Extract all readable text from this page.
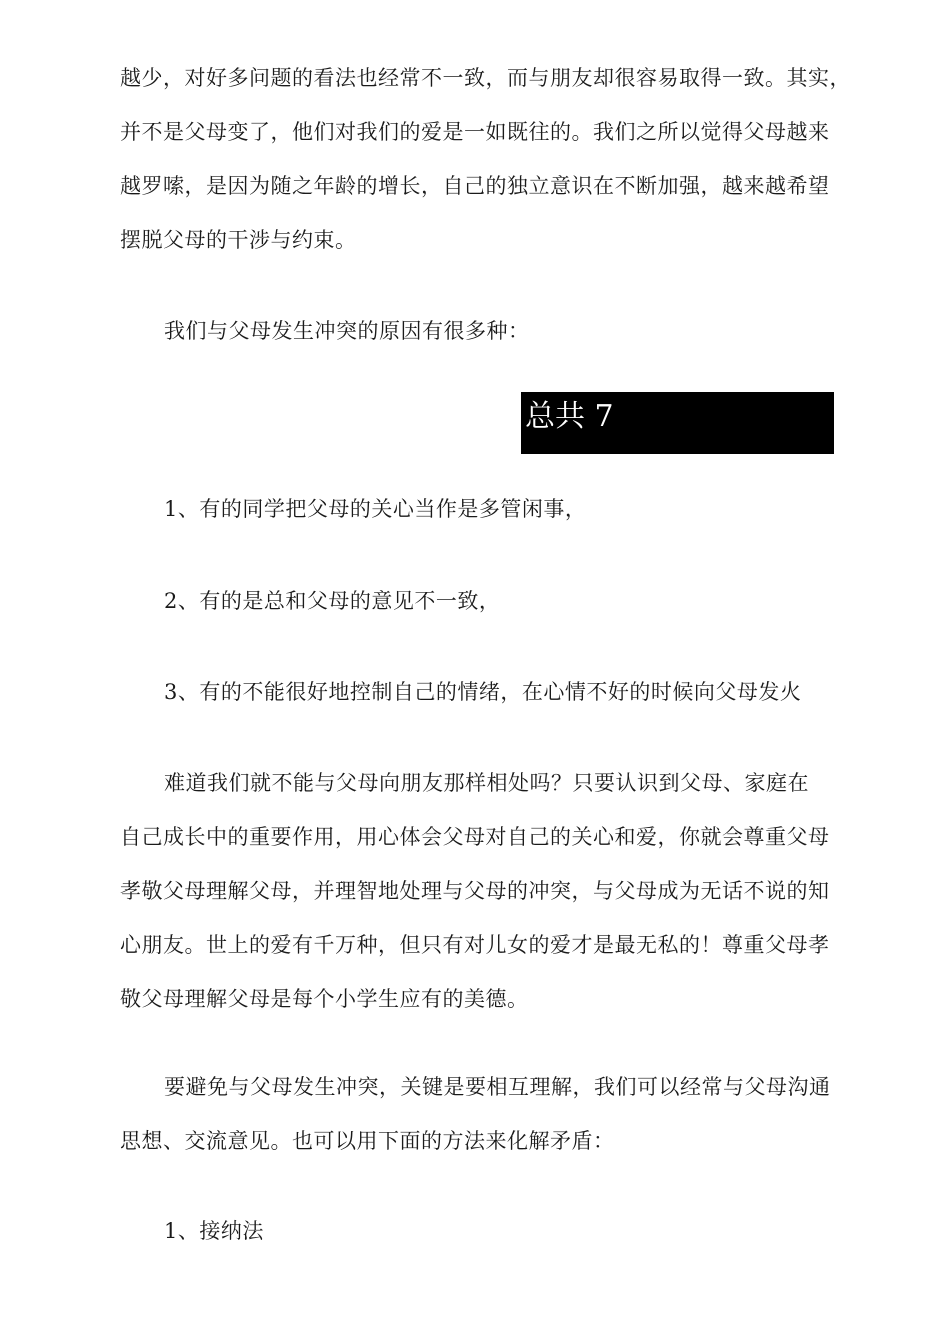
越少，对好多问题的看法也经常不一致，而与朋友却很容易取得一致。其实，
并不是父母变了，他们对我们的爱是一如既往的。我们之所以觉得父母越来
越罗嗦，是因为随之年龄的增长，自己的独立意识在不断加强，越来越希望
摆脱父母的干涉与约束。
我们与父母发生冲突的原因有很多种：
总共 7
1、有的同学把父母的关心当作是多管闲事，
2、有的是总和父母的意见不一致，
3、有的不能很好地控制自己的情绪，在心情不好的时候向父母发火
难道我们就不能与父母向朋友那样相处吗？只要认识到父母、家庭在
自己成长中的重要作用，用心体会父母对自己的关心和爱，你就会尊重父母
孝敬父母理解父母，并理智地处理与父母的冲突，与父母成为无话不说的知
心朋友。世上的爱有千万种，但只有对儿女的爱才是最无私的！尊重父母孝
敬父母理解父母是每个小学生应有的美德。
要避免与父母发生冲突，关键是要相互理解，我们可以经常与父母沟通
思想、交流意见。也可以用下面的方法来化解矛盾：
1、接纳法
